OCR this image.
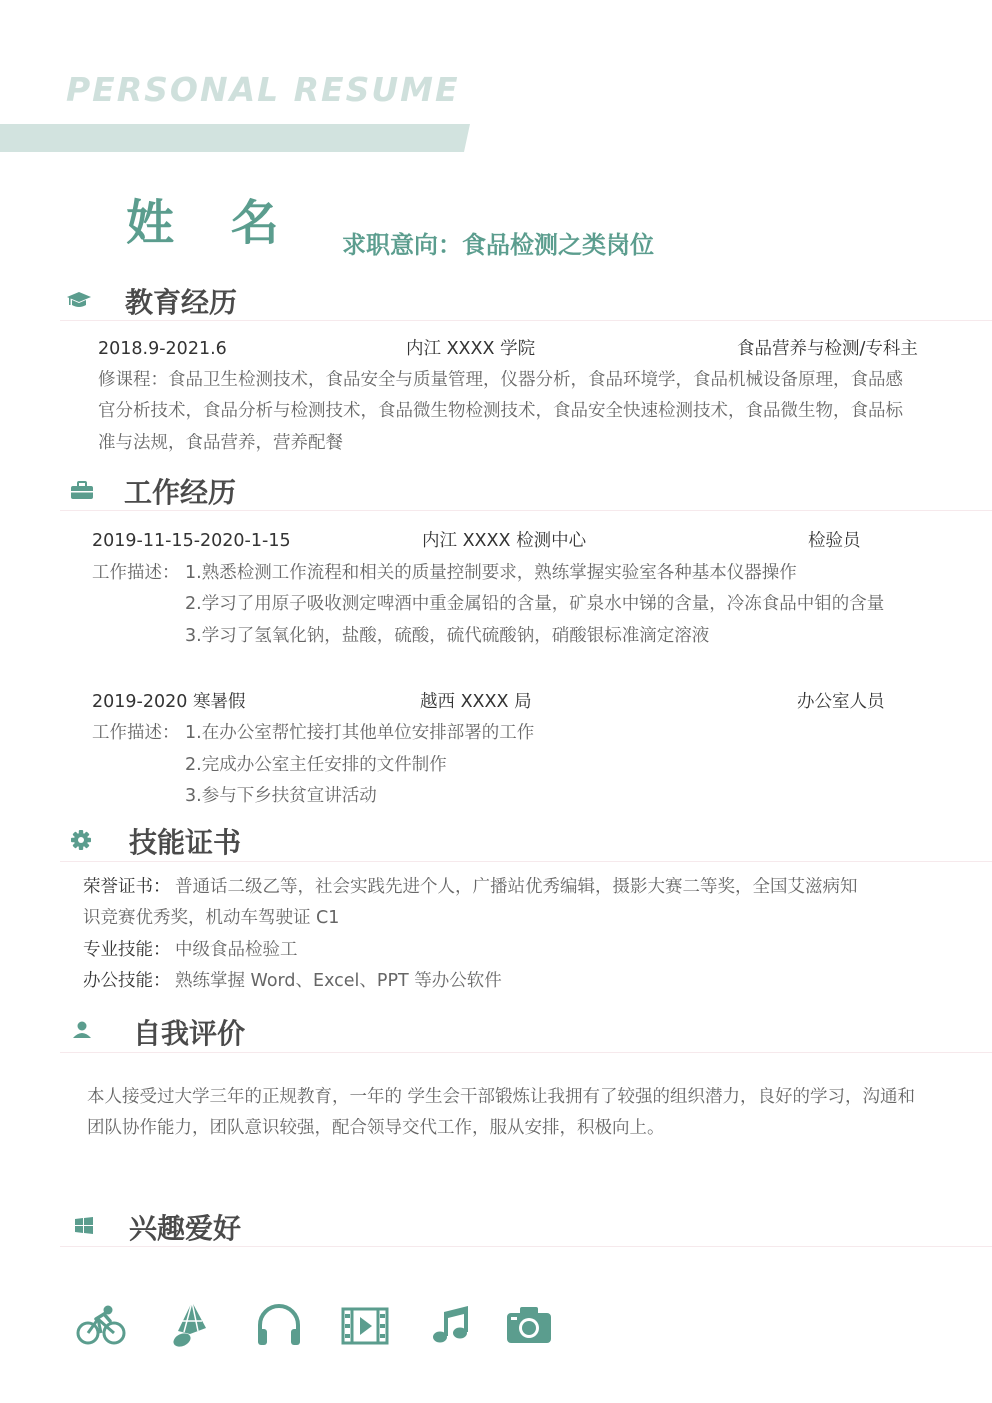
PERSONAL RESUME
姓 名 求职意向：食品检测之类岗位
教育经历
2018.9-2021.6	内江 XXXX 学院	食品营养与检测/专科主
修课程：食品卫生检测技术，食品安全与质量管理，仪器分析，食品环境学，食品机械设备原理，食品感
官分析技术，食品分析与检测技术，食品微生物检测技术，食品安全快速检测技术，食品微生物，食品标
准与法规，食品营养，营养配餐
工作经历
2019-11-15-2020-1-15	内江 XXXX 检测中心	检验员
工作描述： 1.熟悉检测工作流程和相关的质量控制要求，熟练掌握实验室各种基本仪器操作
2.学习了用原子吸收测定啤酒中重金属铅的含量，矿泉水中锑的含量，冷冻食品中钼的含量
3.学习了氢氧化钠，盐酸，硫酸，硫代硫酸钠，硝酸银标准滴定溶液
2019-2020 寒暑假	越西 XXXX 局	办公室人员
工作描述： 1.在办公室帮忙接打其他单位安排部署的工作
2.完成办公室主任安排的文件制作
3.参与下乡扶贫宣讲活动
技能证书
荣誉证书： 普通话二级乙等，社会实践先进个人，广播站优秀编辑，摄影大赛二等奖，全国艾滋病知
识竞赛优秀奖，机动车驾驶证 C1
专业技能： 中级食品检验工
办公技能： 熟练掌握 Word、Excel、PPT 等办公软件
自我评价
本人接受过大学三年的正规教育，一年的 学生会干部锻炼让我拥有了较强的组织潜力，良好的学习，沟通和团队协作能力，团队意识较强，配合领导交代工作，服从安排，积极向上。
兴趣爱好
